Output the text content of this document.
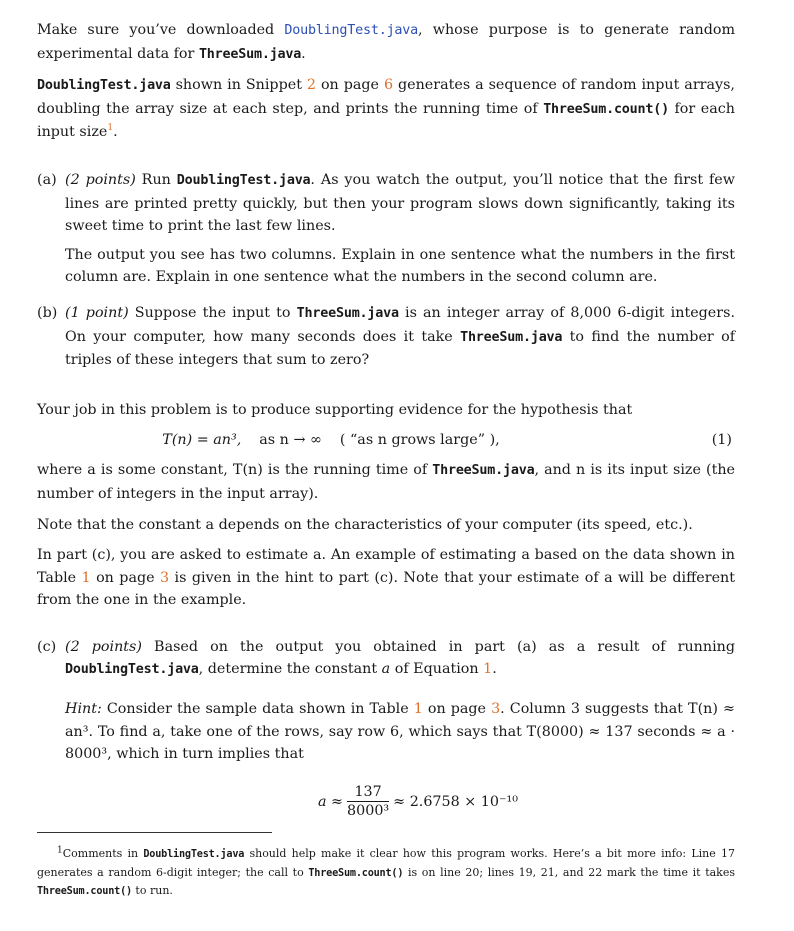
Make sure you’ve downloaded DoublingTest.java, whose purpose is to generate random experimental data for ThreeSum.java.

DoublingTest.java shown in Snippet 2 on page 6 generates a sequence of random input arrays, doubling the array size at each step, and prints the running time of ThreeSum.count() for each input size$^1$.

(a) (2 points) Run DoublingTest.java. As you watch the output, you’ll notice that the first few lines are printed pretty quickly, but then your program slows down significantly, taking its sweet time to print the last few lines.

The output you see has two columns. Explain in one sentence what the numbers in the first column are. Explain in one sentence what the numbers in the second column are.

(b) (1 point) Suppose the input to ThreeSum.java is an integer array of 8,000 6-digit integers. On your computer, how many seconds does it take ThreeSum.java to find the number of triples of these integers that sum to zero?

Your job in this problem is to produce supporting evidence for the hypothesis that

T(n) = an³, as n → ∞ ( “as n grows large” ),	(1)

where a is some constant, T(n) is the running time of ThreeSum.java, and n is its input size (the number of integers in the input array).

Note that the constant a depends on the characteristics of your computer (its speed, etc.).

In part (c), you are asked to estimate a. An example of estimating a based on the data shown in Table 1 on page 3 is given in the hint to part (c). Note that your estimate of a will be different from the one in the example.

(c) (2 points) Based on the output you obtained in part (a) as a result of running DoublingTest.java, determine the constant a of Equation 1.

Hint: Consider the sample data shown in Table 1 on page 3. Column 3 suggests that T(n) ≈ an³. To find a, take one of the rows, say row 6, which says that T(8000) ≈ 137 seconds ≈ a · 8000³, which in turn implies that

$a \approx \frac{137}{\text{8000³}} \approx 2.6758 \times 10^{-10}$

$^1$Comments in DoublingTest.java should help make it clear how this program works. Here’s a bit more info: Line 17 generates a random 6-digit integer; the call to ThreeSum.count() is on line 20; lines 19, 21, and 22 mark the time it takes ThreeSum.count() to run.
